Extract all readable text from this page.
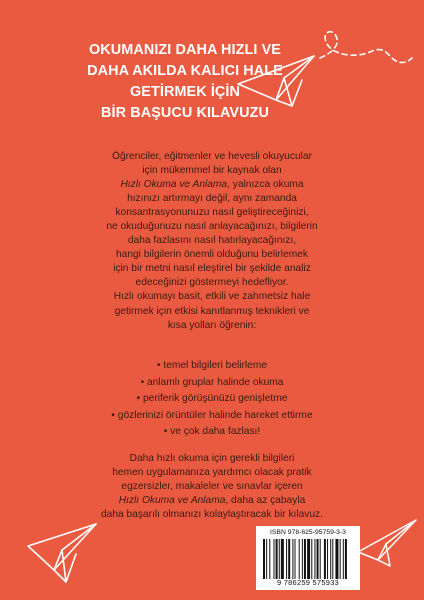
OKUMANIZI DAHA HIZLI VE
DAHA AKILDA KALICI HALE
GETİRMEK İÇİN
BİR BAŞUCU KILAVUZU
Öğrenciler, eğitmenler ve hevesli okuyucular
için mükemmel bir kaynak olan
Hızlı Okuma ve Anlama, yalnızca okuma
hızınızı artırmayı değil, aynı zamanda
konsantrasyonunuzu nasıl geliştireceğinizi,
ne okuduğunuzu nasıl anlayacağınızı, bilgilerin
daha fazlasını nasıl hatırlayacağınızı,
hangi bilgilerin önemli olduğunu belirlemek
için bir metni nasıl eleştirel bir şekilde analiz
edeceğinizi göstermeyi hedefliyor.
Hızlı okumayı basit, etkili ve zahmetsiz hale
getirmek için etkisi kanıtlanmış teknikleri ve
kısa yolları öğrenin:
• temel bilgileri belirleme
• anlamlı gruplar halinde okuma
• periferik görüşünüzü genişletme
• gözlerinizi örüntüler halinde hareket ettirme
• ve çok daha fazlası!
Daha hızlı okuma için gerekli bilgileri
hemen uygulamanıza yardımcı olacak pratik
egzersizler, makaleler ve sınavlar içeren
Hızlı Okuma ve Anlama, daha az çabayla
daha başarılı olmanızı kolaylaştıracak bir kılavuz.
ISBN 978-625-95759-3-3
9 786259 575933
